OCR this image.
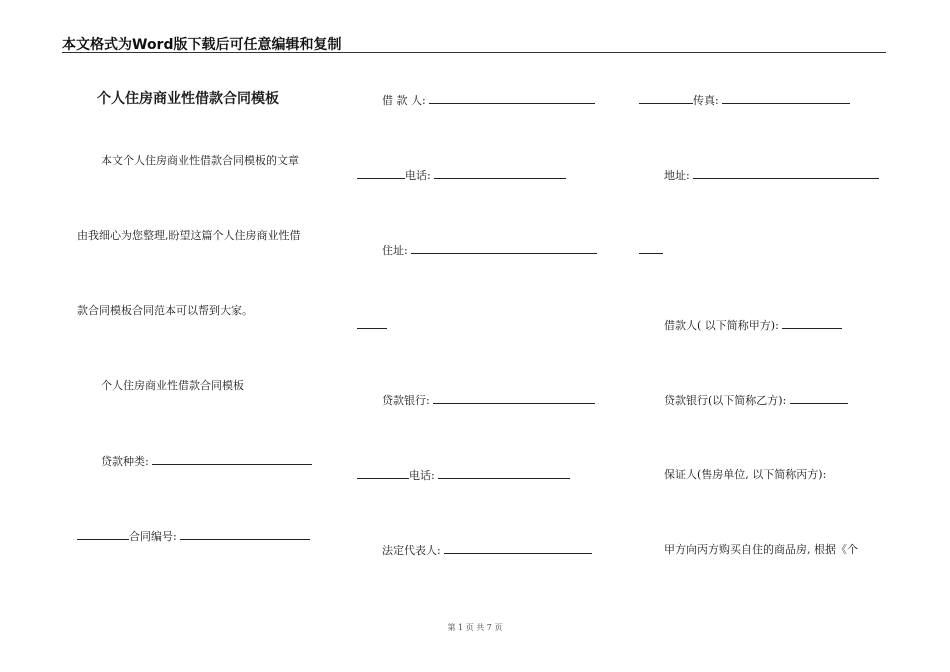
本文格式为Word版下载后可任意编辑和复制
个人住房商业性借款合同模板
本文个人住房商业性借款合同模板的文章
由我细心为您整理,盼望这篇个人住房商业性借
款合同模板合同范本可以帮到大家。
个人住房商业性借款合同模板
贷款种类:
合同编号:
借 款 人:
电话:
住址:
贷款银行:
电话:
法定代表人:
传真:
地址:
借款人( 以下简称甲方):
贷款银行(以下简称乙方):
保证人(售房单位, 以下简称丙方):
甲方向丙方购买自住的商品房, 根据《个
第 1 页 共 7 页
